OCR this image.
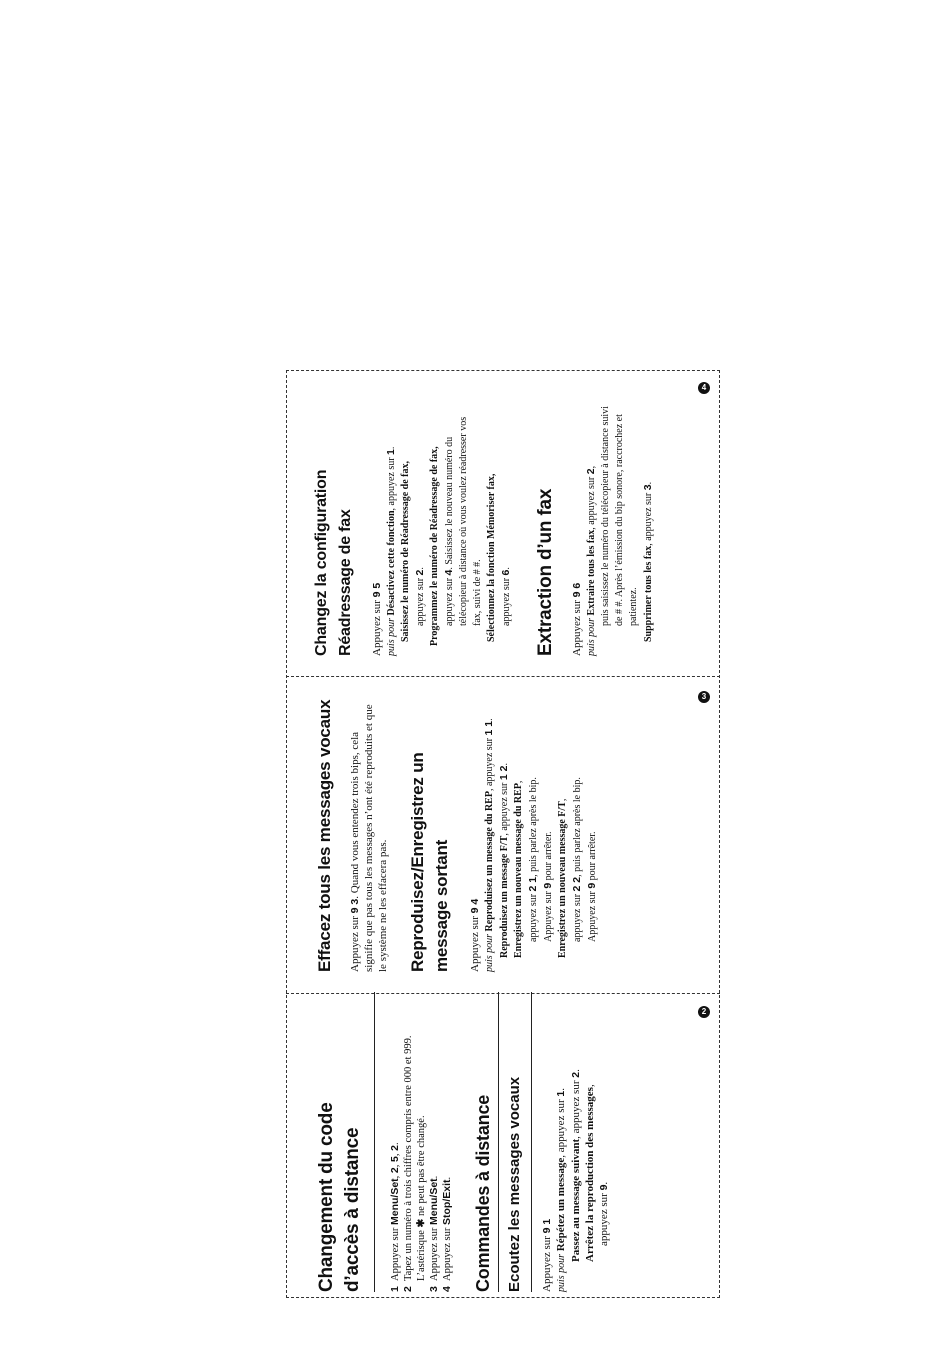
Changement du code d’accès à distance 1
Appuyez sur Menu/Set, 2, 5, 2.
2
Tapez un numéro à trois chiffres compris entre 000 et 999. L’astérisque ✱ ne peut pas être changé.
3
Appuyez sur Menu/Set.
4
Appuyez sur Stop/Exit. Commandes à distance Ecoutez les messages vocaux Appuyez sur 9 1

puis pour Répétez un message, appuyez sur 1.

Passez au message suivant, appuyez sur 2.

Arrêtez la reproduction des messages,

appuyez sur 9.

2
Effacez tous les messages vocaux Appuyez sur 9 3. Quand vous entendez trois bips, cela signifie que pas tous les messages n’ont été reproduits et que le système ne les effacera pas. Reproduisez/Enregistrez un message sortant Appuyez sur 9 4

puis pour Reproduisez un message du REP, appuyez sur 1 1.

Reproduisez un message F/T, appuyez sur 1 2.

Enregistrez un nouveau message du REP,

appuyez sur 2 1, puis parlez après le bip.

Appuyez sur 9 pour arrêter. Enregistrez un nouveau message F/T,

appuyez sur 2 2, puis parlez après le bip.

Appuyez sur 9 pour arrêter.

3
Changez la configuration Réadressage de fax	Appuyez sur 9 5

puis pour Désactivez cette fonction, appuyez sur 1.

Saisissez le numéro de Réadressage de fax, appuyez sur 2. Programmez le numéro de Réadressage de fax, appuyez sur 4. Saisissez le nouveau numéro du télécopieur à distance où vous voulez réadresser vos fax, suivi de # #. Sélectionnez la fonction Mémoriser fax, appuyez sur 6. Extraction d’un fax Appuyez sur 9 6

puis pour Extraire tous les fax, appuyez sur 2, puis saisissez le numéro du télécopieur à distance suivi de # #. Après l’émission du bip sonore, raccrochez et patientez. Supprimer tous les fax, appuyez sur 3.

4
